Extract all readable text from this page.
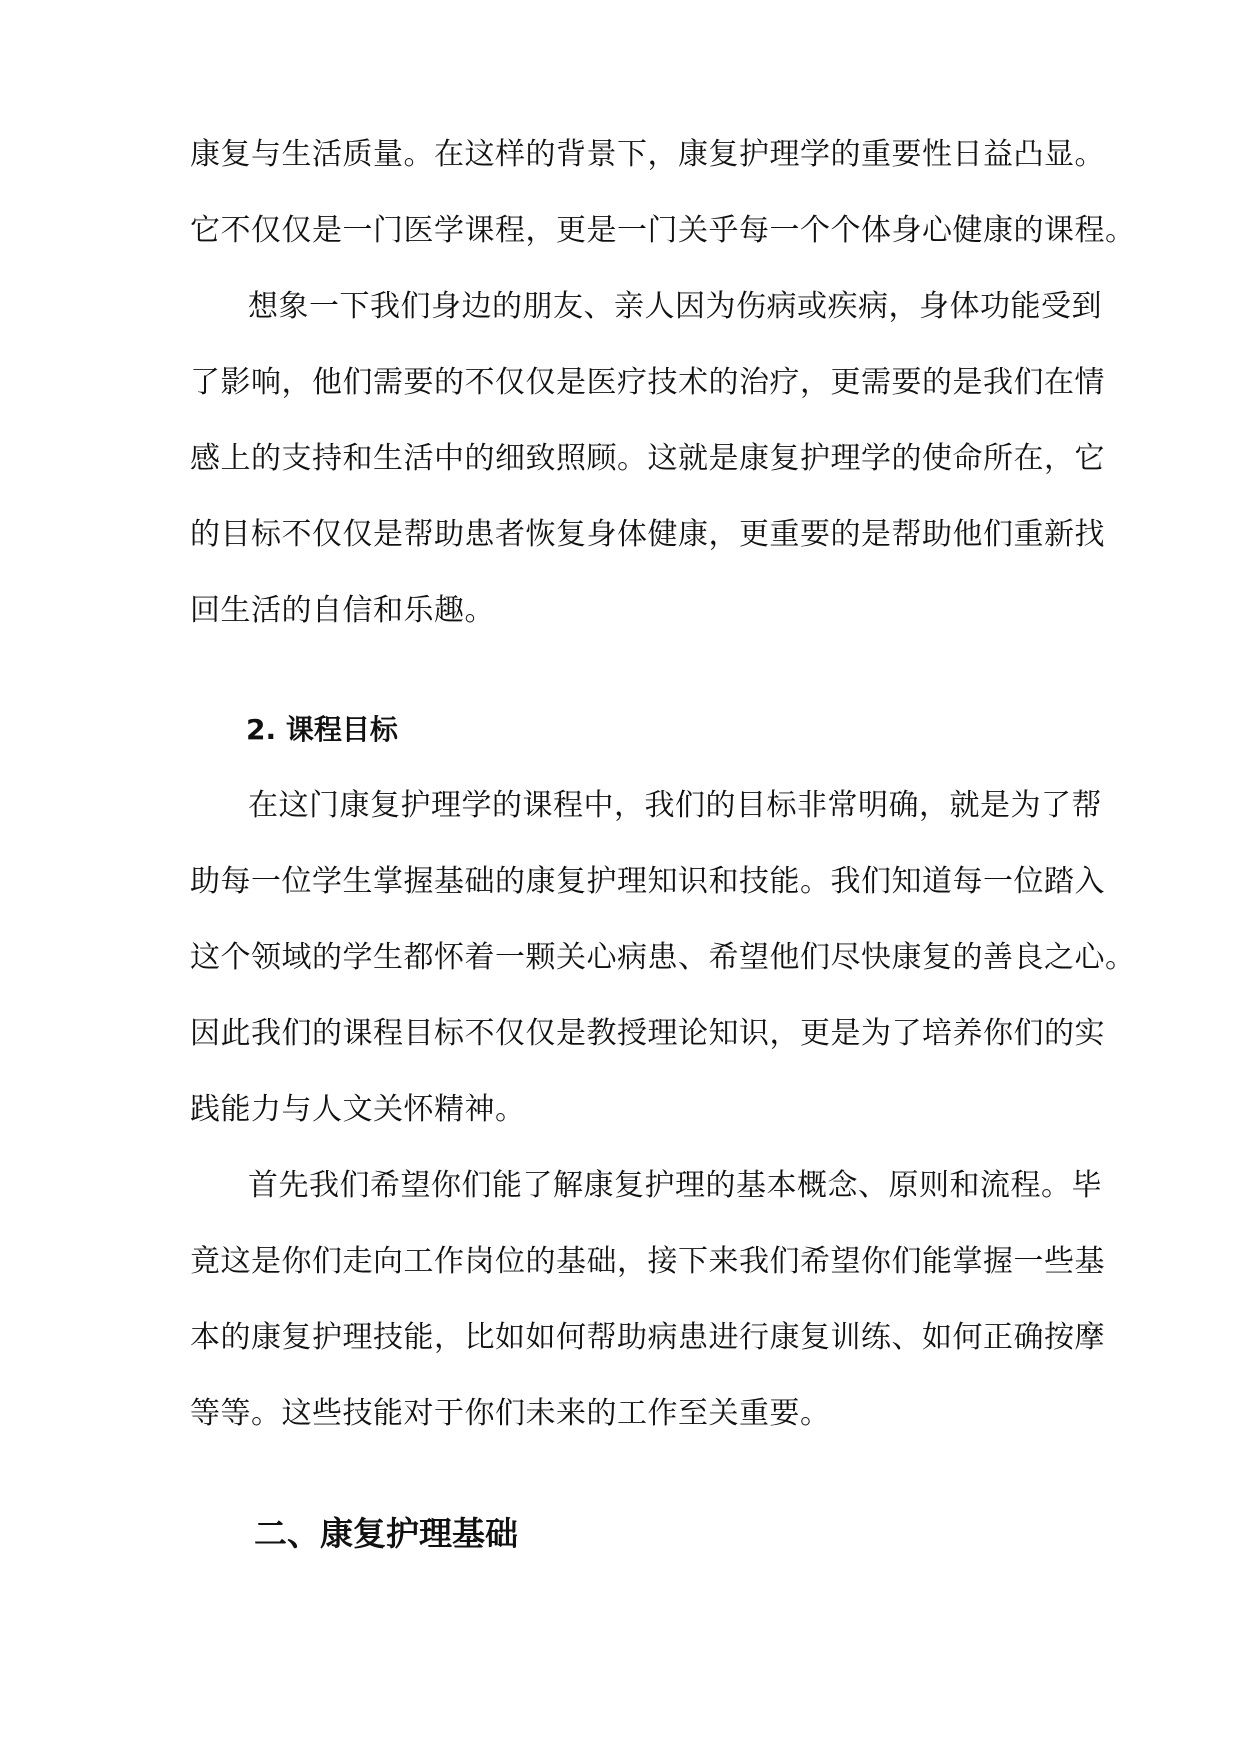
康复与生活质量。在这样的背景下，康复护理学的重要性日益凸显。
它不仅仅是一门医学课程，更是一门关乎每一个个体身心健康的课程。
想象一下我们身边的朋友、亲人因为伤病或疾病，身体功能受到
了影响，他们需要的不仅仅是医疗技术的治疗，更需要的是我们在情
感上的支持和生活中的细致照顾。这就是康复护理学的使命所在，它
的目标不仅仅是帮助患者恢复身体健康，更重要的是帮助他们重新找
回生活的自信和乐趣。
2. 课程目标
在这门康复护理学的课程中，我们的目标非常明确，就是为了帮
助每一位学生掌握基础的康复护理知识和技能。我们知道每一位踏入
这个领域的学生都怀着一颗关心病患、希望他们尽快康复的善良之心。
因此我们的课程目标不仅仅是教授理论知识，更是为了培养你们的实
践能力与人文关怀精神。
首先我们希望你们能了解康复护理的基本概念、原则和流程。毕
竟这是你们走向工作岗位的基础，接下来我们希望你们能掌握一些基
本的康复护理技能，比如如何帮助病患进行康复训练、如何正确按摩
等等。这些技能对于你们未来的工作至关重要。
二、康复护理基础
